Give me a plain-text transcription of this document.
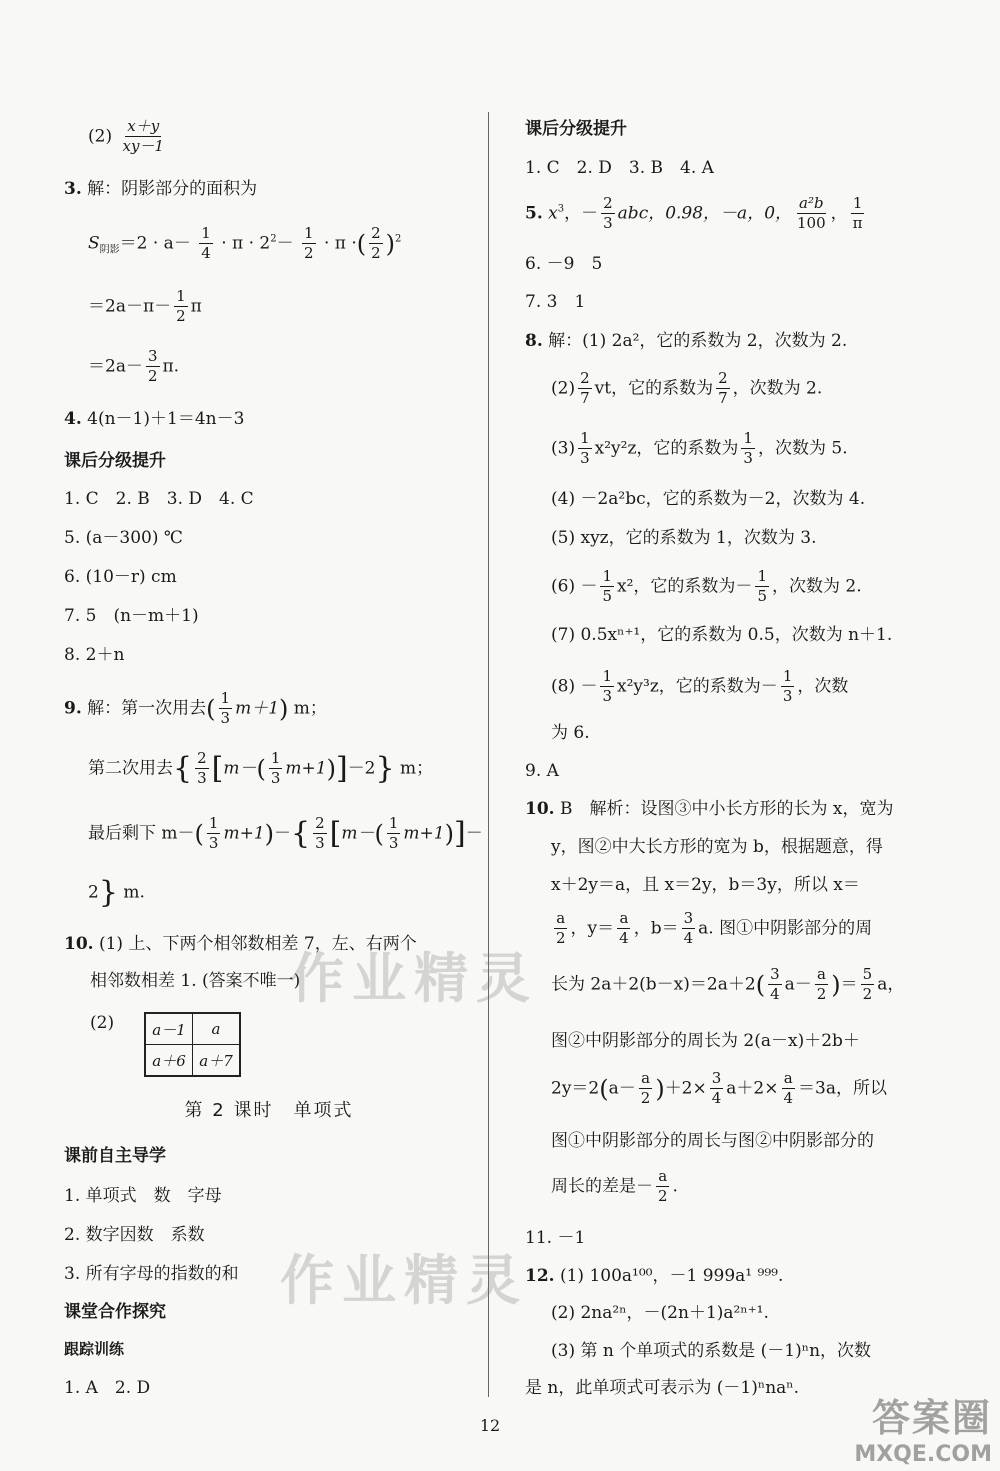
$(2) \frac{x+y}{xy-1}$
3. 解：阴影部分的面积为
$S_{阴影}=2 \cdot a- \frac{1}{4} \cdot \pi \cdot 2^2- \frac{1}{2} \cdot \pi$ ·( $\frac{2}{2} )^2$
$=2a-\pi- \frac{1}{2}$ π
$=2a- \frac{3}{2} \pi$.
4. 4(n－1)＋1＝4n－3
课后分级提升
1. C　2. B　3. D　4. C
5. (a－300) ℃
6. (10－r) cm
7. 5　(n－m＋1)
8. 2＋n
9. 解：第一次用去( $\frac{1}{3} m+1$) m；
第二次用去{ $\frac{2}{3} [m-( \frac{1}{3} m+1)]-2$} m；
最后剩下 $m-( \frac{1}{3} m+1)-\{ \frac{2}{3} [m-( \frac{1}{3} m+1)]-$
2} m.
10. (1) 上、下两个相邻数相差 7，左、右两个
相邻数相差 1. (答案不唯一)
(2)	a－1	a
a＋6	a＋7
第 2 课时　单项式
课前自主导学
1. 单项式　数　字母
2. 数字因数　系数
3. 所有字母的指数的和
课堂合作探究
跟踪训练
1. A　2. D
课后分级提升
1. C　2. D　3. B　4. A
5. $x^3$，－ $\frac{2}{3}$ abc，0.98，－a，0， $\frac{\text{a²b}}{100}$ ， $\frac{1}{\pi}$
6. －9　5
7. 3　1
8. 解：(1) 2a²，它的系数为 2，次数为 2.
$(2) \frac{2}{7}$ vt，它的系数为 $\frac{2}{7}$ ，次数为 2.
$(3) \frac{1}{3} x^2y^2z$，它的系数为 $\frac{1}{3}$ ，次数为 5.
(4) －2a²bc，它的系数为－2，次数为 4.
(5) xyz，它的系数为 1，次数为 3.
$(6) - \frac{1}{5} x^2$，它的系数为－ $\frac{1}{5}$ ，次数为 2.
(7) 0.5xⁿ⁺¹，它的系数为 0.5，次数为 n＋1.
$(8) - \frac{1}{3} x^2y^3z$，它的系数为－ $\frac{1}{3}$ ，次数
为 6.
9. A
10. B　解析：设图③中小长方形的长为 x，宽为
y，图②中大长方形的宽为 b，根据题意，得
x＋2y＝a，且 x＝2y，b＝3y，所以 x＝
$\frac{a}{2}$ ，$y= \frac{a}{4}$ ，$b= \frac{3}{4} a$. 图①中阴影部分的周
长为 $2a+2(b-x)=2a+2( \frac{3}{4} a- \frac{a}{2}$ )＝ $\frac{5}{2}$ a，
图②中阴影部分的周长为 2(a－x)＋2b＋
$2y=2(a- \frac{a}{2} )+2\times \frac{3}{4} a+2\times \frac{a}{4} =3a$，所以
图①中阴影部分的周长与图②中阴影部分的
周长的差是－ $\frac{a}{2}$ .
11. －1
12. (1) 100a¹⁰⁰，－1 999a¹ ⁹⁹⁹.
(2) 2na²ⁿ，－(2n＋1)a²ⁿ⁺¹.
(3) 第 n 个单项式的系数是 (－1)ⁿn，次数
是 n，此单项式可表示为 (－1)ⁿnaⁿ.
12
作业精灵
作业精灵
答案圈
MXQE.COM
